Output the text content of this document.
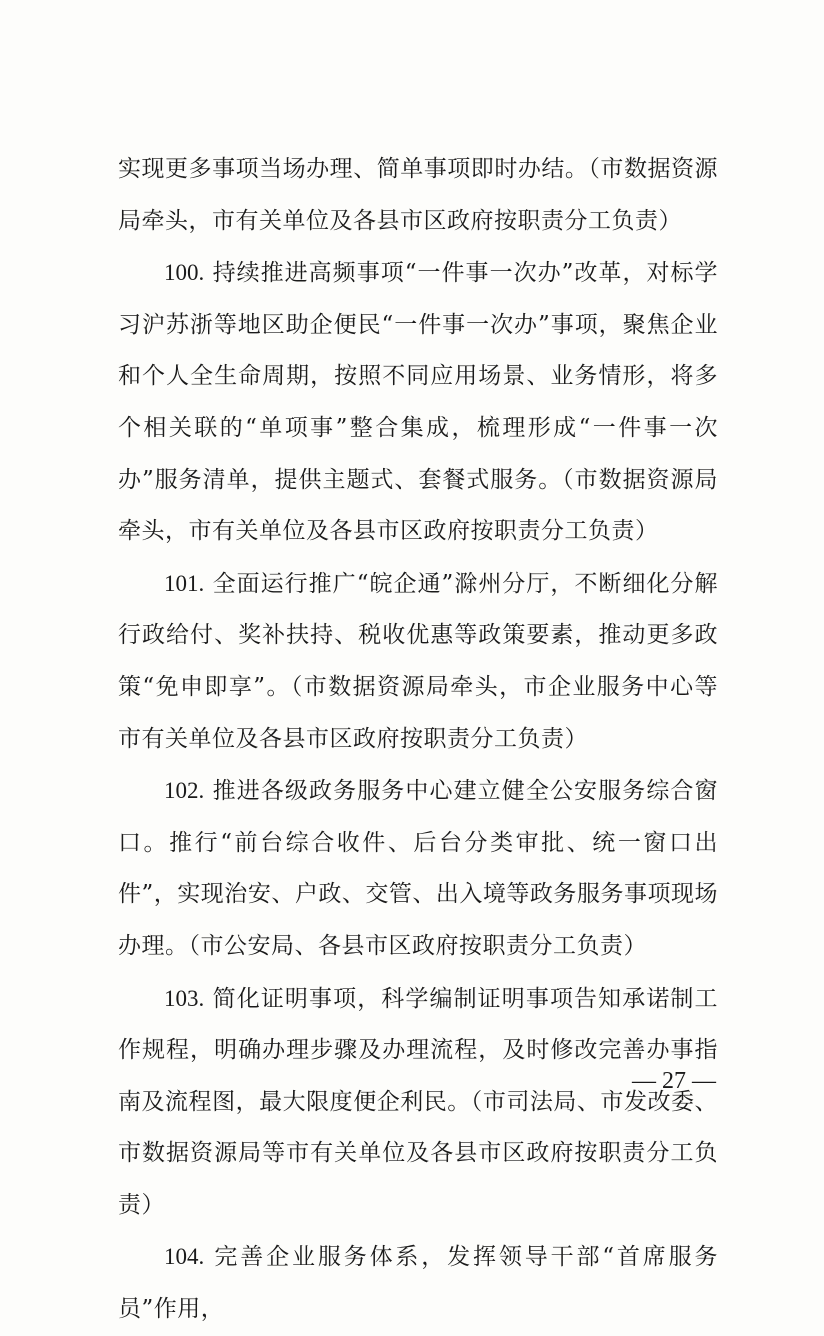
实现更多事项当场办理、简单事项即时办结。（市数据资源局牵头，市有关单位及各县市区政府按职责分工负责）

100. 持续推进高频事项“一件事一次办”改革，对标学习沪苏浙等地区助企便民“一件事一次办”事项，聚焦企业和个人全生命周期，按照不同应用场景、业务情形，将多个相关联的“单项事”整合集成，梳理形成“一件事一次办”服务清单，提供主题式、套餐式服务。（市数据资源局牵头，市有关单位及各县市区政府按职责分工负责）

101. 全面运行推广“皖企通”滁州分厅，不断细化分解行政给付、奖补扶持、税收优惠等政策要素，推动更多政策“免申即享”。（市数据资源局牵头，市企业服务中心等市有关单位及各县市区政府按职责分工负责）

102. 推进各级政务服务中心建立健全公安服务综合窗口。推行“前台综合收件、后台分类审批、统一窗口出件”，实现治安、户政、交管、出入境等政务服务事项现场办理。（市公安局、各县市区政府按职责分工负责）

103. 简化证明事项，科学编制证明事项告知承诺制工作规程，明确办理步骤及办理流程，及时修改完善办事指南及流程图，最大限度便企利民。（市司法局、市发改委、市数据资源局等市有关单位及各县市区政府按职责分工负责）

104. 完善企业服务体系，发挥领导干部“首席服务员”作用，

— 27 —
